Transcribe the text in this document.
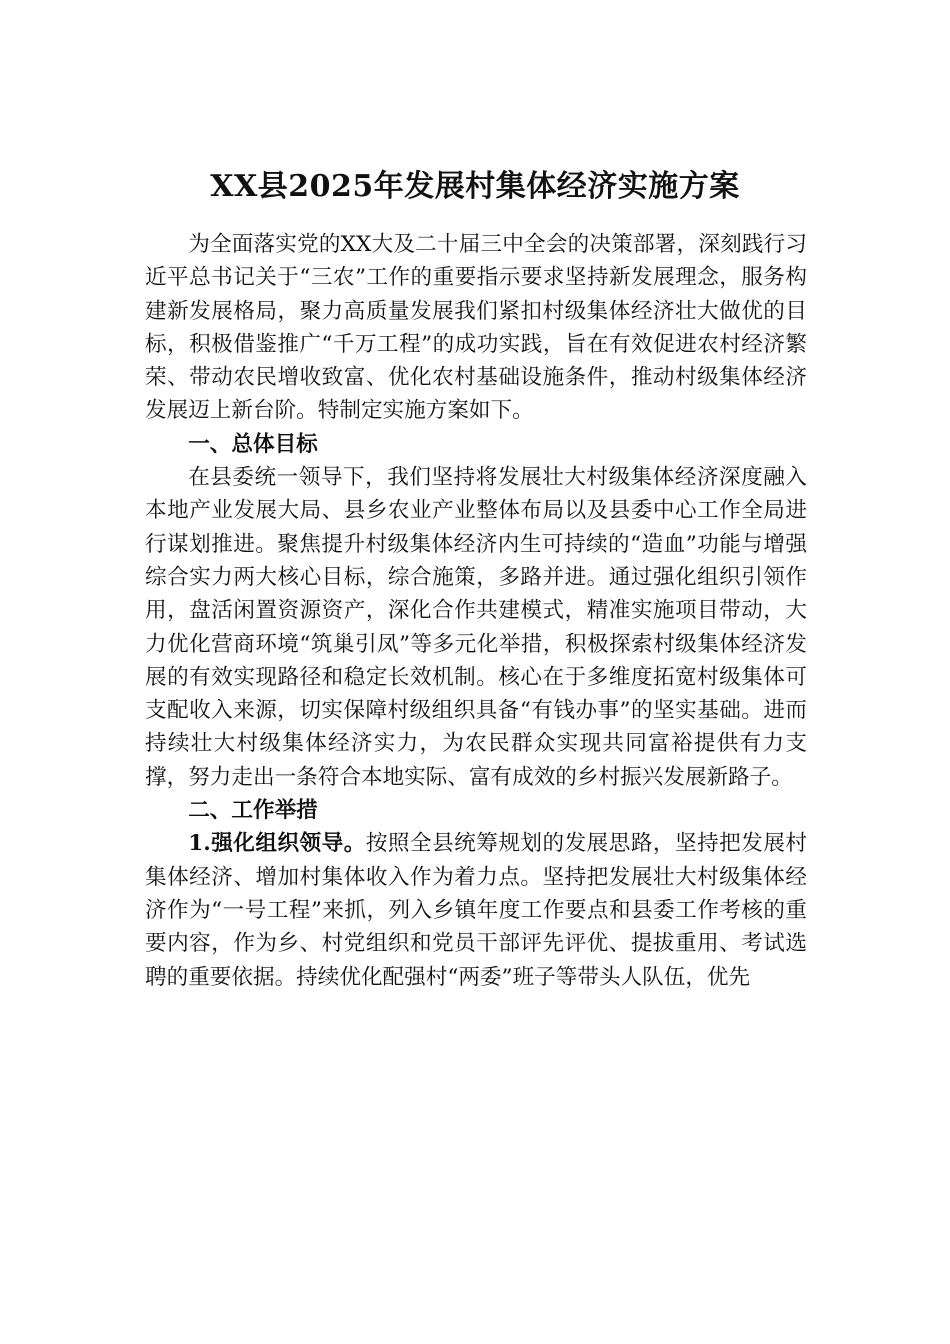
XX县2025年发展村集体经济实施方案

为全面落实党的XX大及二十届三中全会的决策部署，深刻践行习近平总书记关于“三农”工作的重要指示要求坚持新发展理念，服务构建新发展格局，聚力高质量发展我们紧扣村级集体经济壮大做优的目标，积极借鉴推广“千万工程”的成功实践，旨在有效促进农村经济繁荣、带动农民增收致富、优化农村基础设施条件，推动村级集体经济发展迈上新台阶。特制定实施方案如下。

一、总体目标

在县委统一领导下，我们坚持将发展壮大村级集体经济深度融入本地产业发展大局、县乡农业产业整体布局以及县委中心工作全局进行谋划推进。聚焦提升村级集体经济内生可持续的“造血”功能与增强综合实力两大核心目标，综合施策，多路并进。通过强化组织引领作用，盘活闲置资源资产，深化合作共建模式，精准实施项目带动，大力优化营商环境“筑巢引凤”等多元化举措，积极探索村级集体经济发展的有效实现路径和稳定长效机制。核心在于多维度拓宽村级集体可支配收入来源，切实保障村级组织具备“有钱办事”的坚实基础。进而持续壮大村级集体经济实力，为农民群众实现共同富裕提供有力支撑，努力走出一条符合本地实际、富有成效的乡村振兴发展新路子。

二、工作举措

1.强化组织领导。按照全县统筹规划的发展思路，坚持把发展村集体经济、增加村集体收入作为着力点。坚持把发展壮大村级集体经济作为“一号工程”来抓，列入乡镇年度工作要点和县委工作考核的重要内容，作为乡、村党组织和党员干部评先评优、提拔重用、考试选聘的重要依据。持续优化配强村“两委”班子等带头人队伍，优先
